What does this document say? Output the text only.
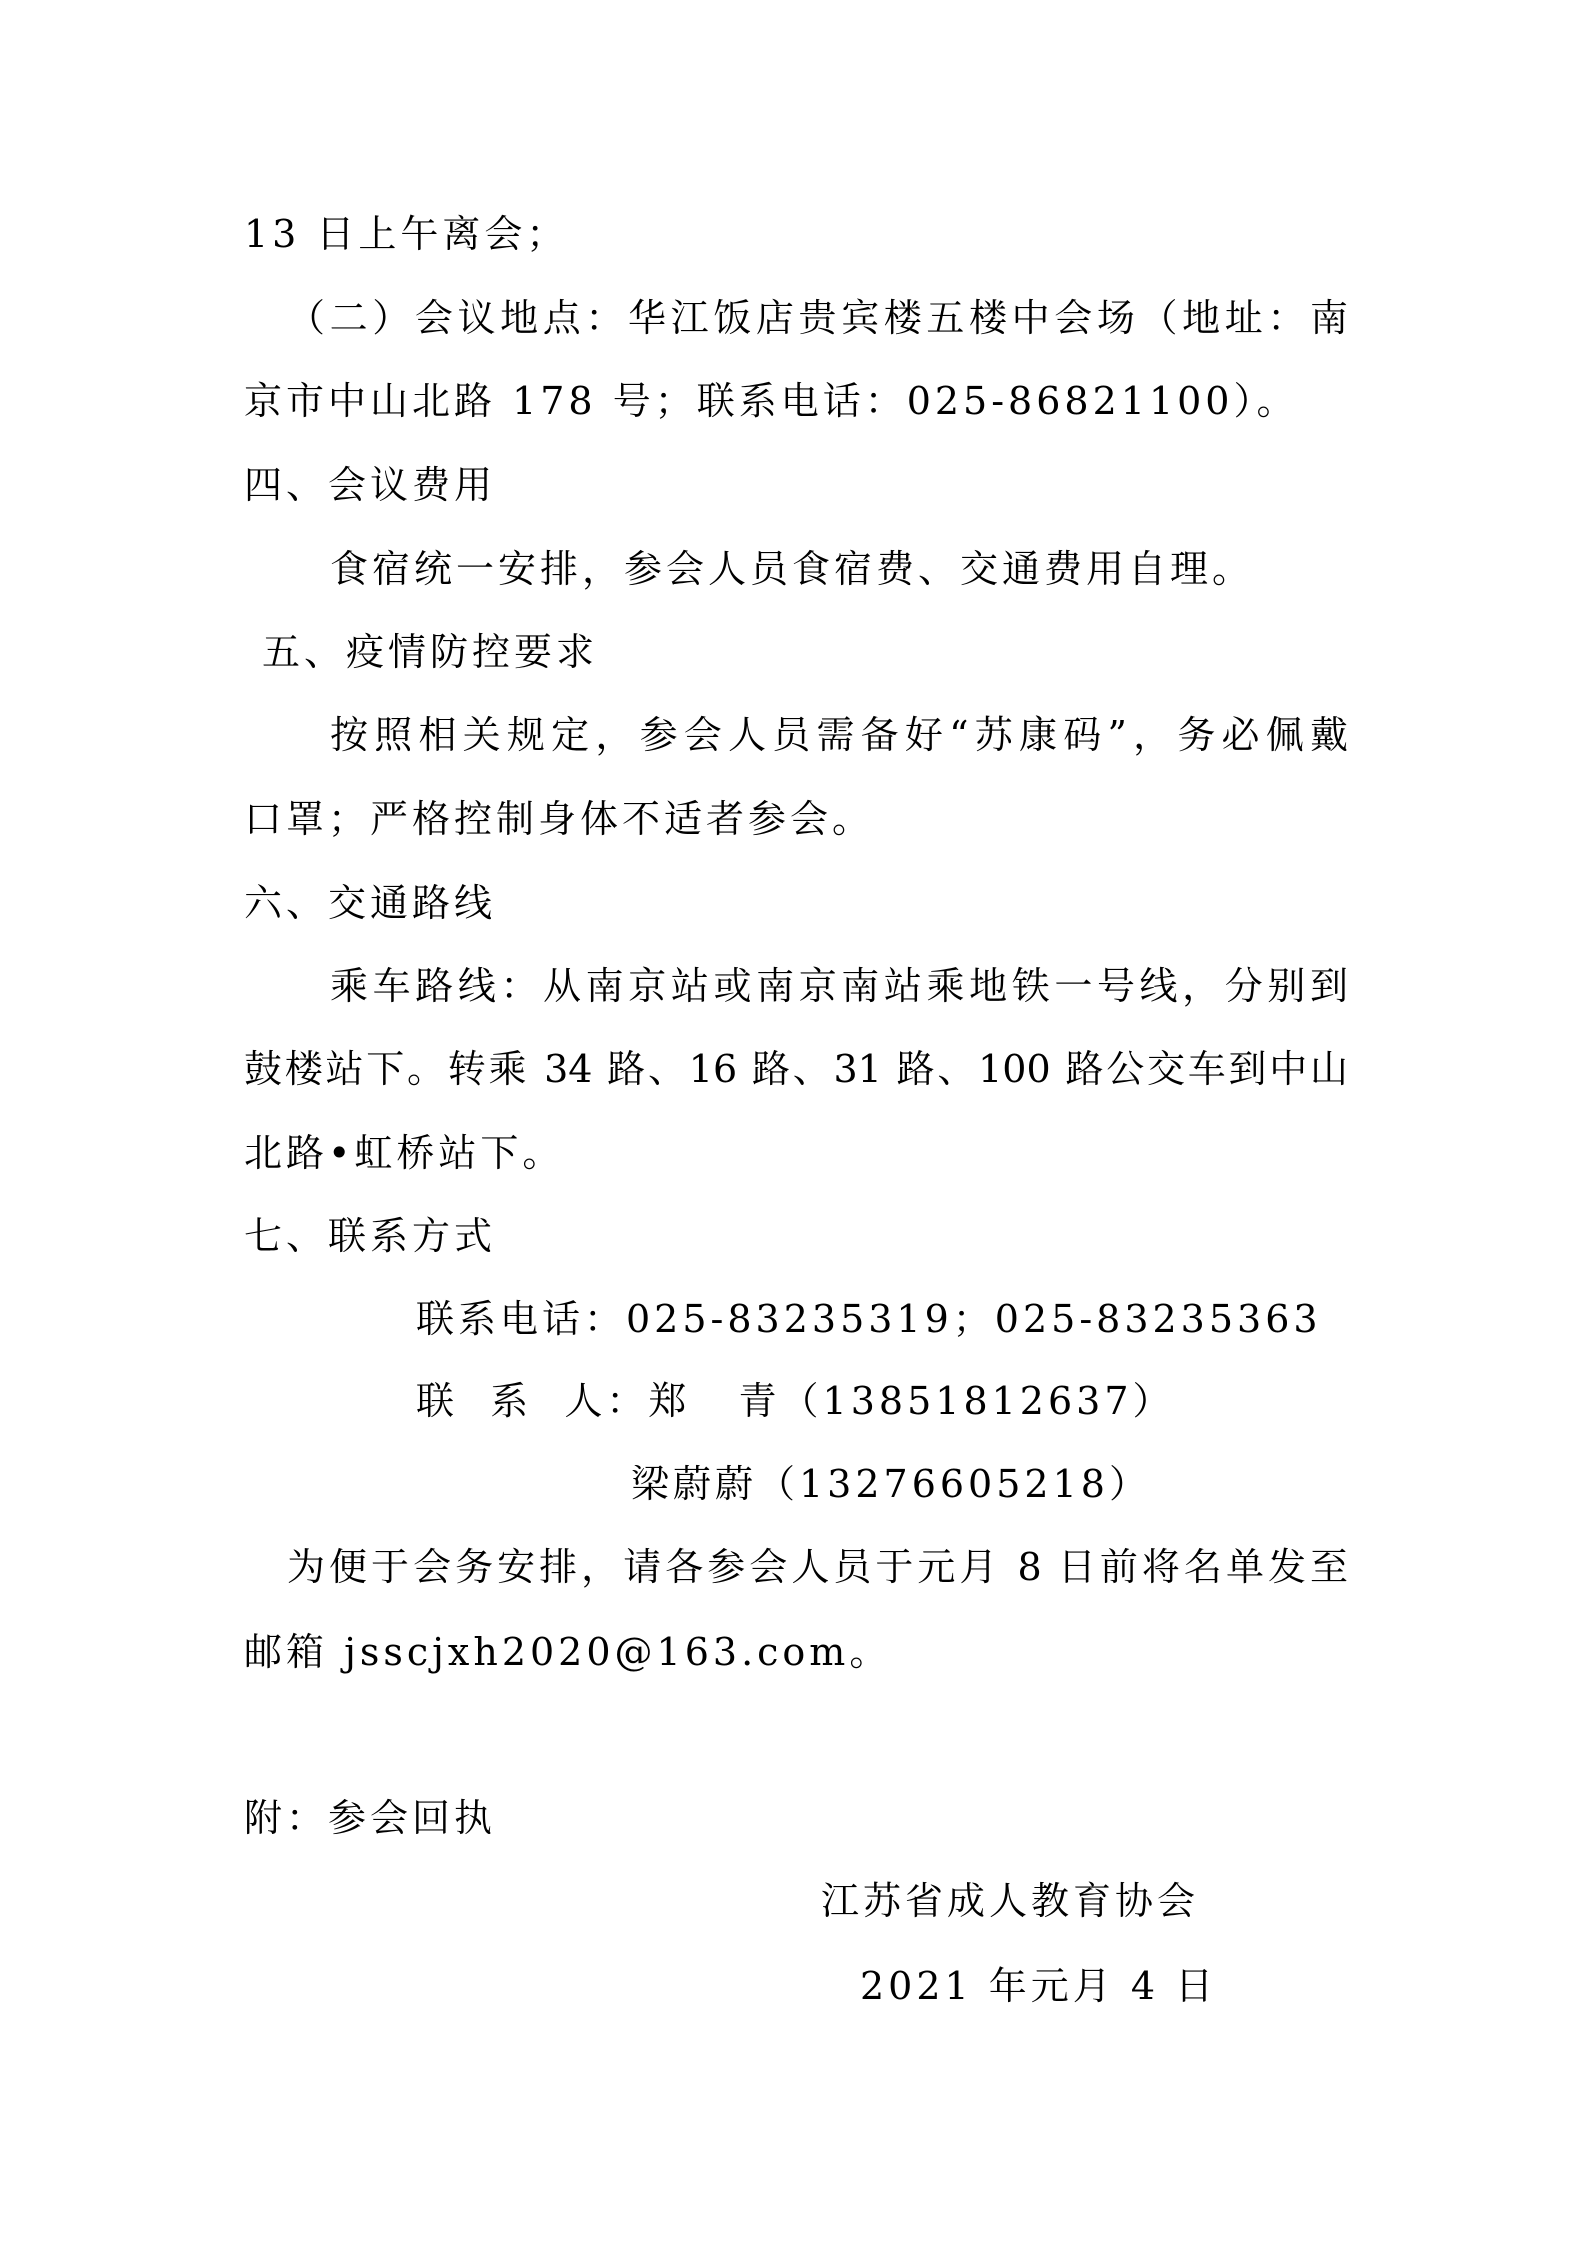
13 日上午离会；

（二）会议地点：华江饭店贵宾楼五楼中会场（地址：南

京市中山北路 178 号；联系电话：025-86821100）。

四、会议费用

食宿统一安排，参会人员食宿费、交通费用自理。

五、疫情防控要求

按照相关规定，参会人员需备好“苏康码”，务必佩戴

口罩；严格控制身体不适者参会。

六、交通路线

乘车路线：从南京站或南京南站乘地铁一号线，分别到

鼓楼站下。转乘 34 路、16 路、31 路、100 路公交车到中山

北路•虹桥站下。

七、联系方式

联系电话：025-83235319；025-83235363

联  系  人：郑   青（13851812637）

梁蔚蔚（13276605218）

为便于会务安排，请各参会人员于元月 8 日前将名单发至

邮箱 jsscjxh2020@163.com。

附：参会回执

江苏省成人教育协会

2021 年元月 4 日
